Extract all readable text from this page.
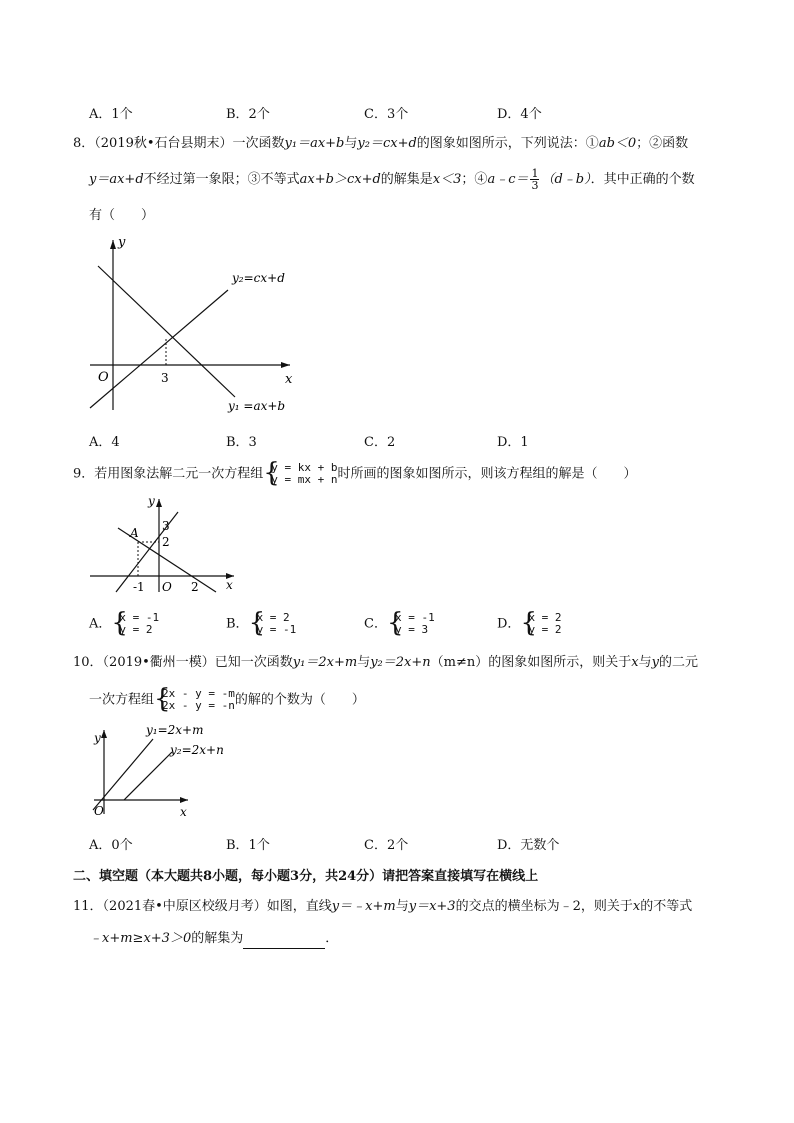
A．1个	B．2个	C．3个	D．4个
8．（2019秋•石台县期末）一次函数y₁＝ax+b与y₂＝cx+d的图象如图所示，下列说法：①ab＜0；②函数
y＝ax+d不经过第一象限；③不等式ax+b＞cx+d的解集是x＜3；④a﹣c＝ $\frac{1}{3}$ （d﹣b）．其中正确的个数
有（　　）
y
x
O	3
y₂=cx+d
y₁ =ax+b
A．4	B．3	C．2	D．1
9．若用图象法解二元一次方程组 {
y = kx + b
y = mx + n 时所画的图象如图所示，则该方程组的解是（　　）
y
x
O
A 3
2
-1	2
A． {
x = -1
y = 2	B． {
x = 2
y = -1	C． {
x = -1
y = 3	D． {
x = 2
y = 2
10．（2019•衢州一模）已知一次函数y₁＝2x+m与y₂＝2x+n（m≠n）的图象如图所示，则关于x与y的二元
一次方程组 {
2x - y = -m
2x - y = -n 的解的个数为（　　）
y
x
O
y₁=2x+m
y₂=2x+n
A．0个	B．1个	C．2个	D．无数个
二、填空题（本大题共8小题，每小题3分，共24分）请把答案直接填写在横线上
11．（2021春•中原区校级月考）如图，直线y＝﹣x+m与y＝x+3的交点的横坐标为﹣2，则关于x的不等式
﹣x+m≥x+3＞0的解集为	．
